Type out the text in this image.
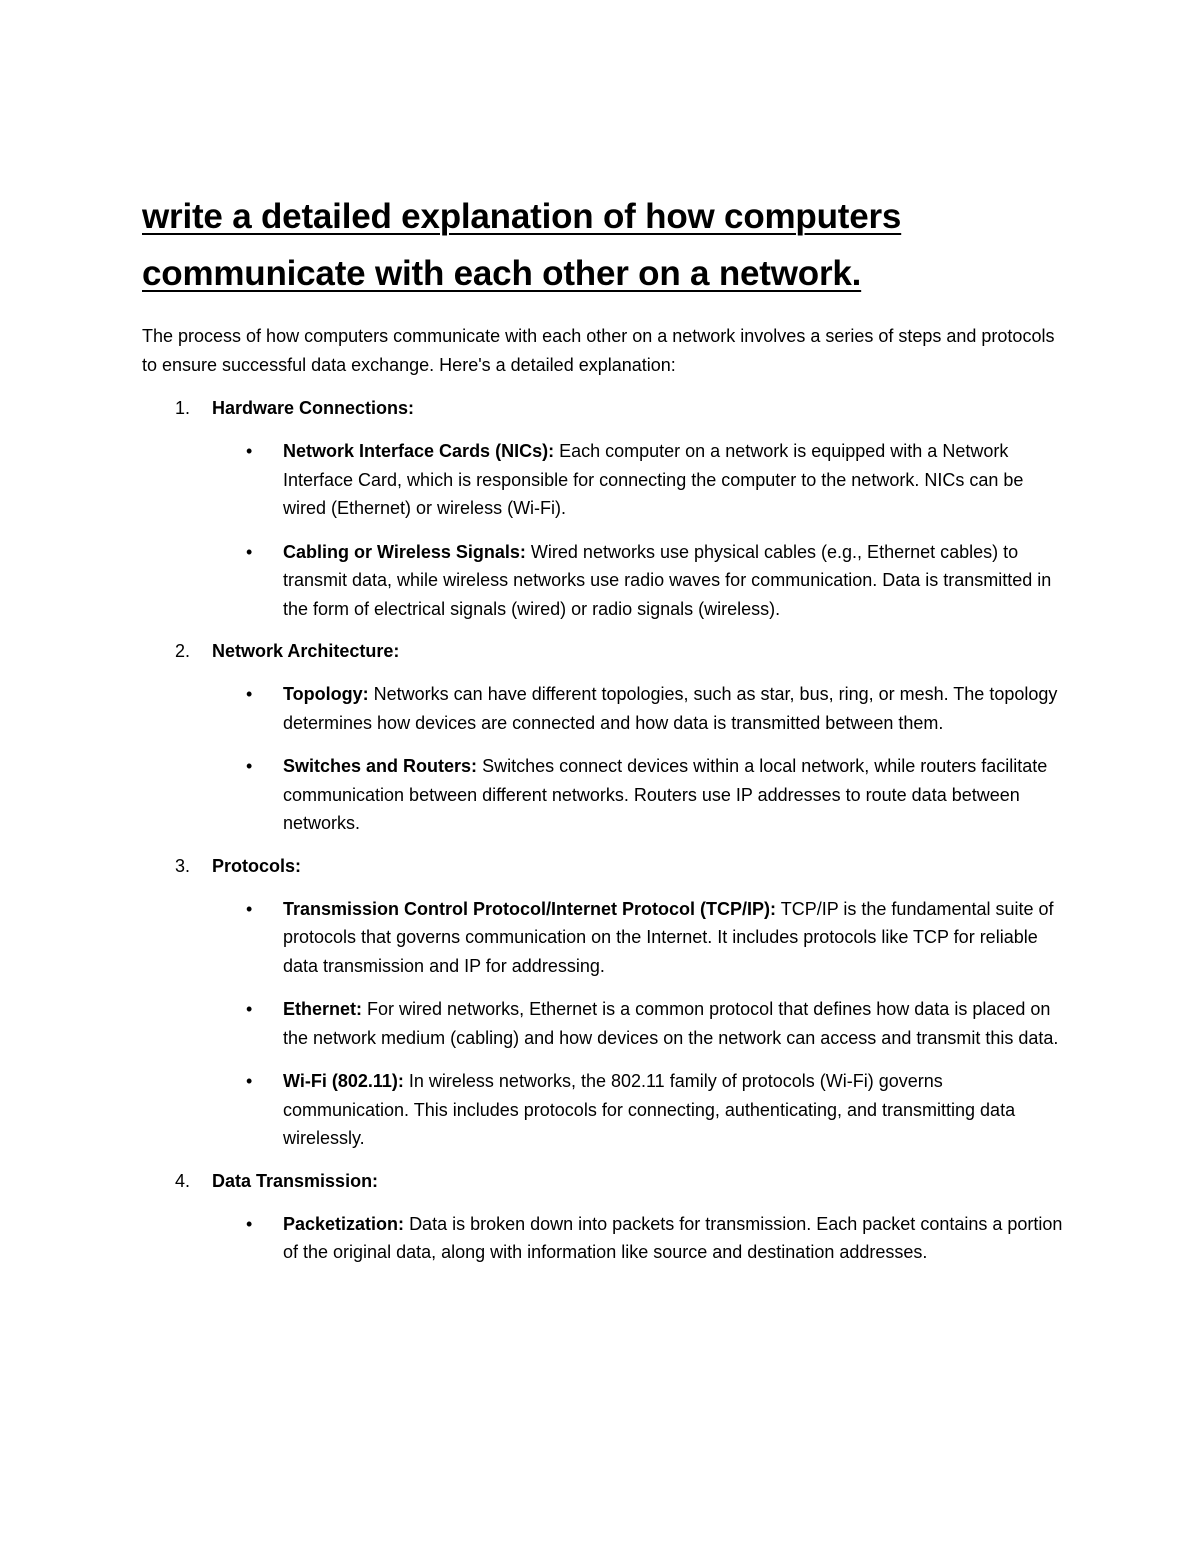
write a detailed explanation of how computers
communicate with each other on a network.

The process of how computers communicate with each other on a network involves a series of steps and protocols to ensure successful data exchange. Here's a detailed explanation:

1. Hardware Connections:
• Network Interface Cards (NICs): Each computer on a network is equipped with a Network Interface Card, which is responsible for connecting the computer to the network. NICs can be wired (Ethernet) or wireless (Wi-Fi).
• Cabling or Wireless Signals: Wired networks use physical cables (e.g., Ethernet cables) to transmit data, while wireless networks use radio waves for communication. Data is transmitted in the form of electrical signals (wired) or radio signals (wireless).
2. Network Architecture:
• Topology: Networks can have different topologies, such as star, bus, ring, or mesh. The topology determines how devices are connected and how data is transmitted between them.
• Switches and Routers: Switches connect devices within a local network, while routers facilitate communication between different networks. Routers use IP addresses to route data between networks.
3. Protocols:
• Transmission Control Protocol/Internet Protocol (TCP/IP): TCP/IP is the fundamental suite of protocols that governs communication on the Internet. It includes protocols like TCP for reliable data transmission and IP for addressing.
• Ethernet: For wired networks, Ethernet is a common protocol that defines how data is placed on the network medium (cabling) and how devices on the network can access and transmit this data.
• Wi-Fi (802.11): In wireless networks, the 802.11 family of protocols (Wi-Fi) governs communication. This includes protocols for connecting, authenticating, and transmitting data wirelessly.
4. Data Transmission:
• Packetization: Data is broken down into packets for transmission. Each packet contains a portion of the original data, along with information like source and destination addresses.
